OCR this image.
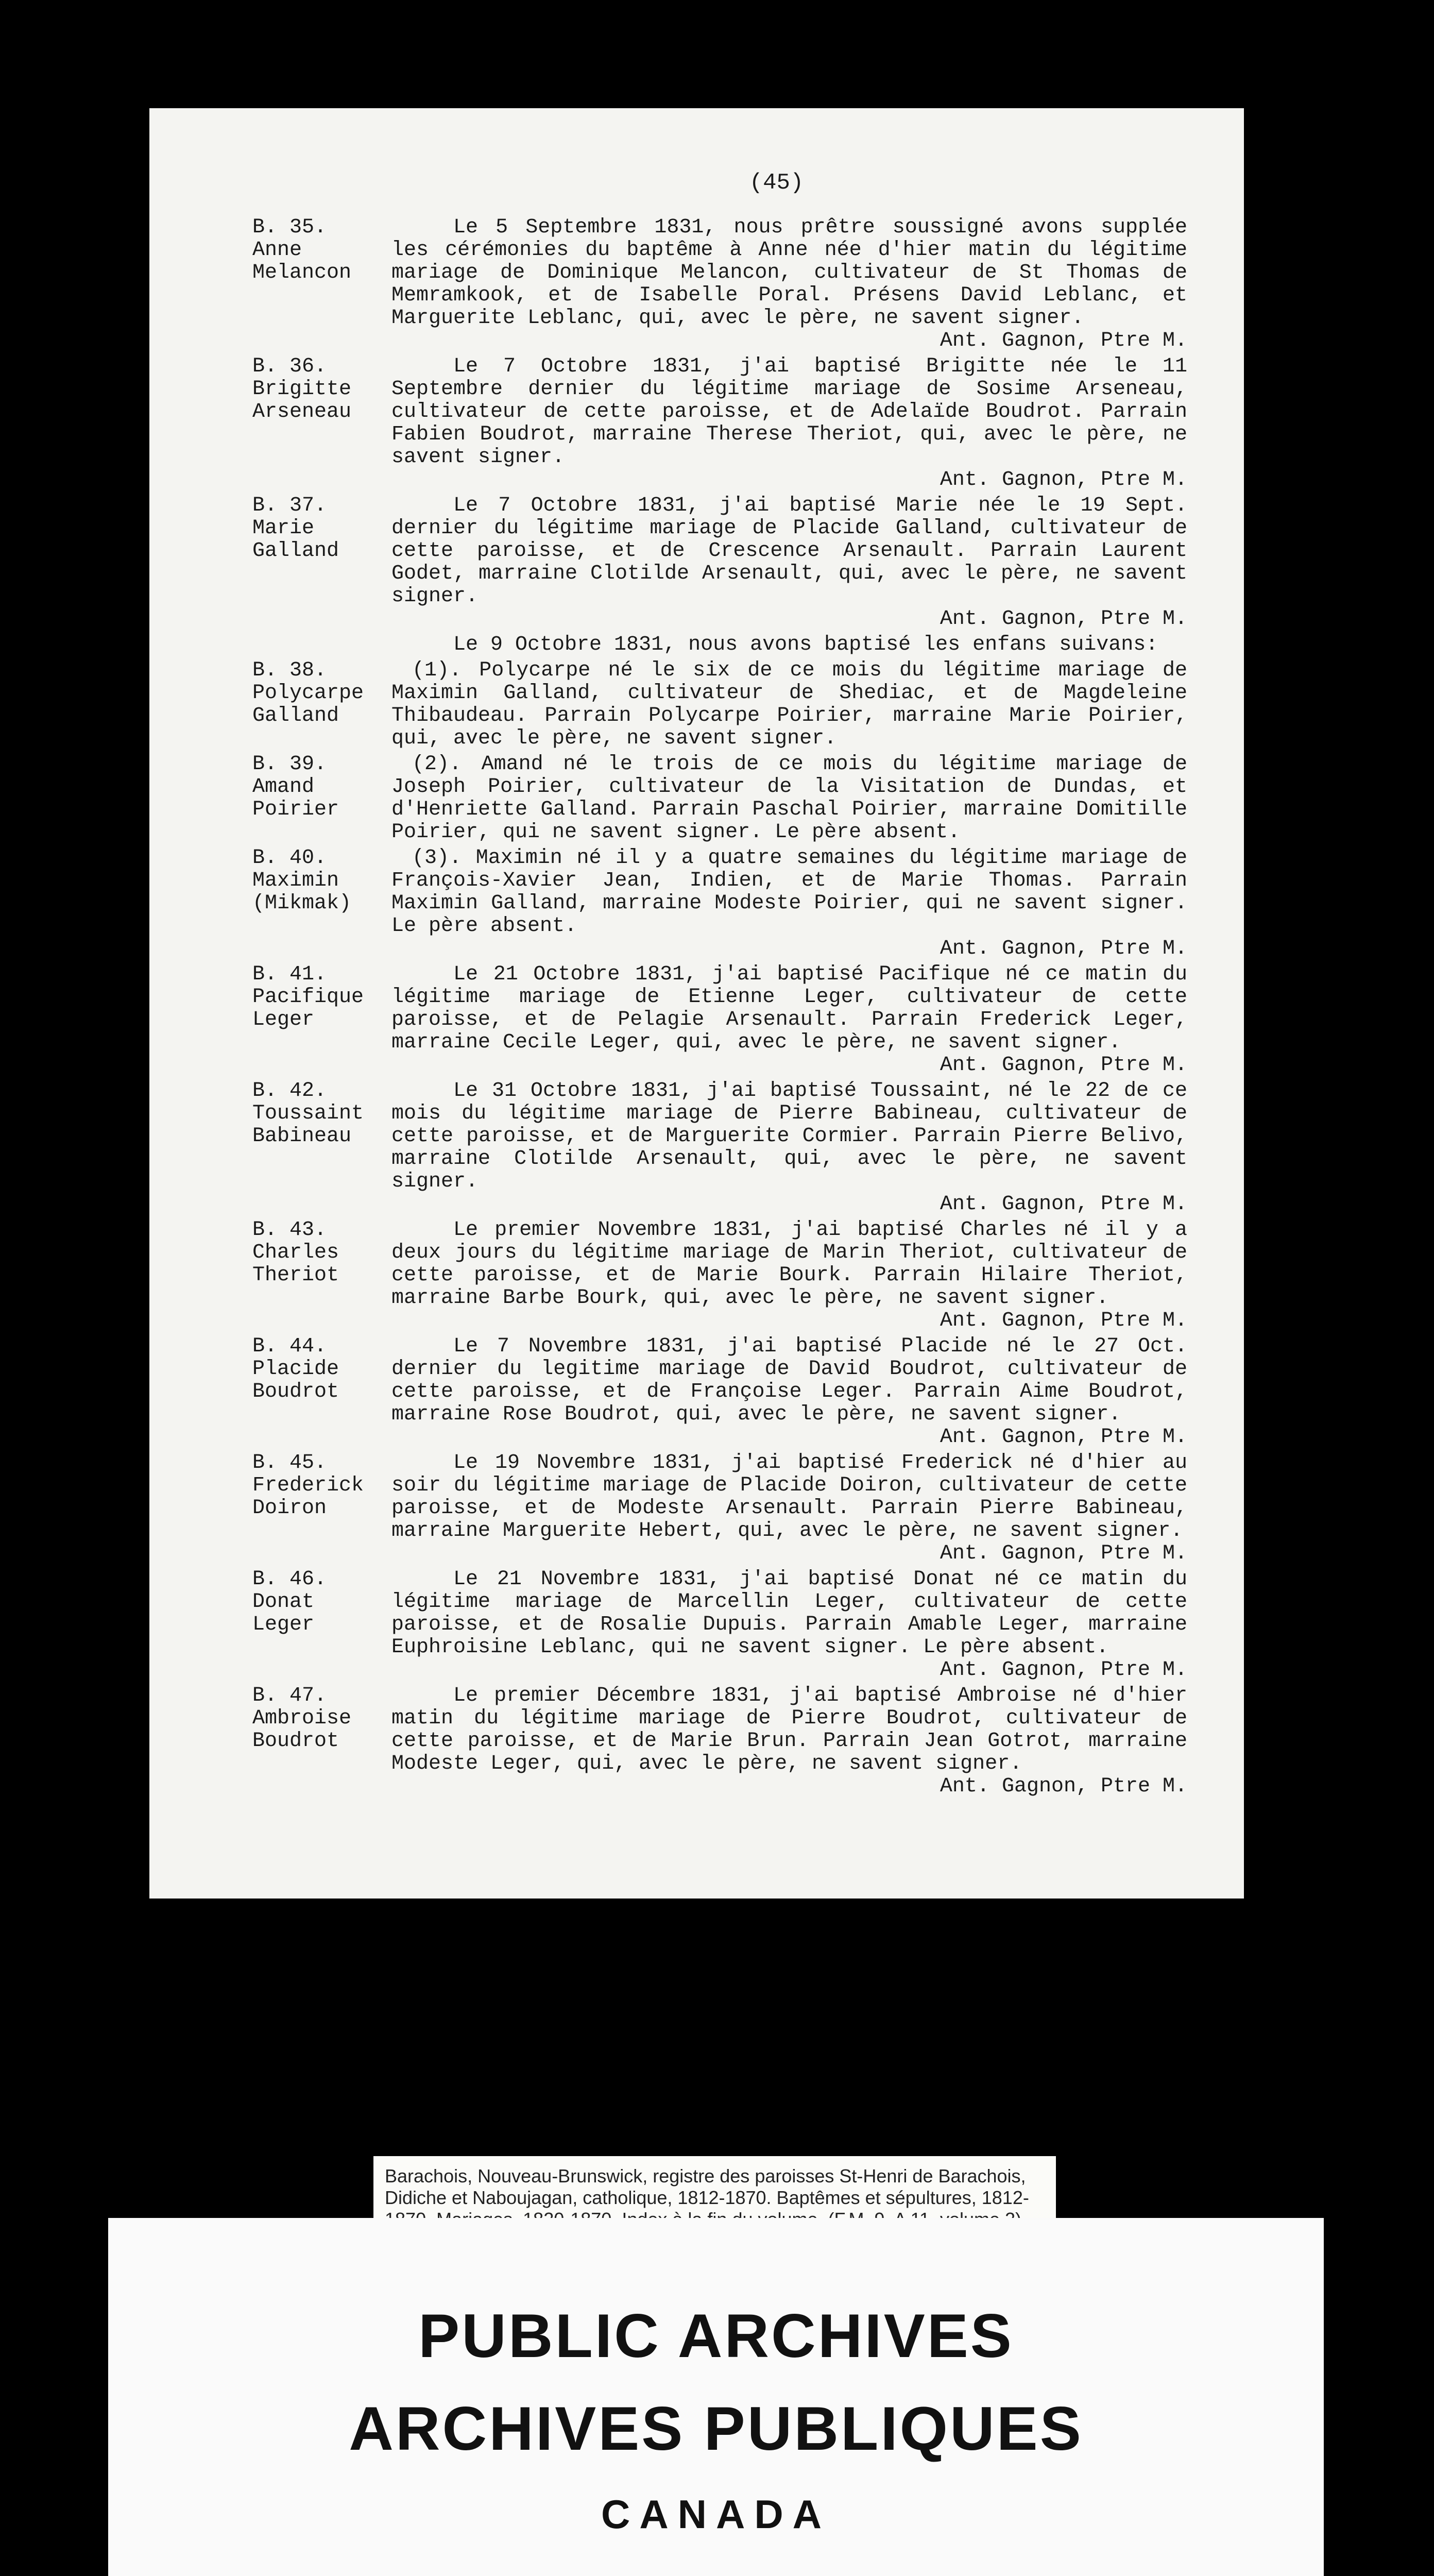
(45)
B. 35.
Anne
Melancon
Le 5 Septembre 1831, nous prêtre soussigné avons supplée les cérémonies du baptême à Anne née d'hier matin du légitime mariage de Dominique Melancon, cultivateur de St Thomas de Memramkook, et de Isabelle Poral. Présens David Leblanc, et Marguerite Leblanc, qui, avec le père, ne savent signer.
Ant. Gagnon, Ptre M.
B. 36.
Brigitte
Arseneau
Le 7 Octobre 1831, j'ai baptisé Brigitte née le 11 Septembre dernier du légitime mariage de Sosime Arseneau, cultivateur de cette paroisse, et de Adelaïde Boudrot. Parrain Fabien Boudrot, marraine Therese Theriot, qui, avec le père, ne savent signer.
Ant. Gagnon, Ptre M.
B. 37.
Marie
Galland
Le 7 Octobre 1831, j'ai baptisé Marie née le 19 Sept. dernier du légitime mariage de Placide Galland, cultivateur de cette paroisse, et de Crescence Arsenault. Parrain Laurent Godet, marraine Clotilde Arsenault, qui, avec le père, ne savent signer.
Ant. Gagnon, Ptre M.
Le 9 Octobre 1831, nous avons baptisé les enfans suivans:
B. 38.
Polycarpe
Galland
(1). Polycarpe né le six de ce mois du légitime mariage de Maximin Galland, cultivateur de Shediac, et de Magdeleine Thibaudeau. Parrain Polycarpe Poirier, marraine Marie Poirier, qui, avec le père, ne savent signer.
B. 39.
Amand
Poirier
(2). Amand né le trois de ce mois du légitime mariage de Joseph Poirier, cultivateur de la Visitation de Dundas, et d'Henriette Galland. Parrain Paschal Poirier, marraine Domitille Poirier, qui ne savent signer. Le père absent.
B. 40.
Maximin
(Mikmak)
(3). Maximin né il y a quatre semaines du légitime mariage de François-Xavier Jean, Indien, et de Marie Thomas. Parrain Maximin Galland, marraine Modeste Poirier, qui ne savent signer. Le père absent.
Ant. Gagnon, Ptre M.
B. 41.
Pacifique
Leger
Le 21 Octobre 1831, j'ai baptisé Pacifique né ce matin du légitime mariage de Etienne Leger, cultivateur de cette paroisse, et de Pelagie Arsenault. Parrain Frederick Leger, marraine Cecile Leger, qui, avec le père, ne savent signer.
Ant. Gagnon, Ptre M.
B. 42.
Toussaint
Babineau
Le 31 Octobre 1831, j'ai baptisé Toussaint, né le 22 de ce mois du légitime mariage de Pierre Babineau, cultivateur de cette paroisse, et de Marguerite Cormier. Parrain Pierre Belivo, marraine Clotilde Arsenault, qui, avec le père, ne savent signer.
Ant. Gagnon, Ptre M.
B. 43.
Charles
Theriot
Le premier Novembre 1831, j'ai baptisé Charles né il y a deux jours du légitime mariage de Marin Theriot, cultivateur de cette paroisse, et de Marie Bourk. Parrain Hilaire Theriot, marraine Barbe Bourk, qui, avec le père, ne savent signer.
Ant. Gagnon, Ptre M.
B. 44.
Placide
Boudrot
Le 7 Novembre 1831, j'ai baptisé Placide né le 27 Oct. dernier du legitime mariage de David Boudrot, cultivateur de cette paroisse, et de Françoise Leger. Parrain Aime Boudrot, marraine Rose Boudrot, qui, avec le père, ne savent signer.
Ant. Gagnon, Ptre M.
B. 45.
Frederick
Doiron
Le 19 Novembre 1831, j'ai baptisé Frederick né d'hier au soir du légitime mariage de Placide Doiron, cultivateur de cette paroisse, et de Modeste Arsenault. Parrain Pierre Babineau, marraine Marguerite Hebert, qui, avec le père, ne savent signer.
Ant. Gagnon, Ptre M.
B. 46.
Donat
Leger
Le 21 Novembre 1831, j'ai baptisé Donat né ce matin du légitime mariage de Marcellin Leger, cultivateur de cette paroisse, et de Rosalie Dupuis. Parrain Amable Leger, marraine Euphroisine Leblanc, qui ne savent signer. Le père absent.
Ant. Gagnon, Ptre M.
B. 47.
Ambroise
Boudrot
Le premier Décembre 1831, j'ai baptisé Ambroise né d'hier matin du légitime mariage de Pierre Boudrot, cultivateur de cette paroisse, et de Marie Brun. Parrain Jean Gotrot, marraine Modeste Leger, qui, avec le père, ne savent signer.
Ant. Gagnon, Ptre M.
Barachois, Nouveau-Brunswick, registre des paroisses St-Henri de Barachois, Didiche et Naboujagan, catholique, 1812-1870. Baptêmes et sépultures, 1812-
PUBLIC ARCHIVES
ARCHIVES PUBLIQUES
CANADA
